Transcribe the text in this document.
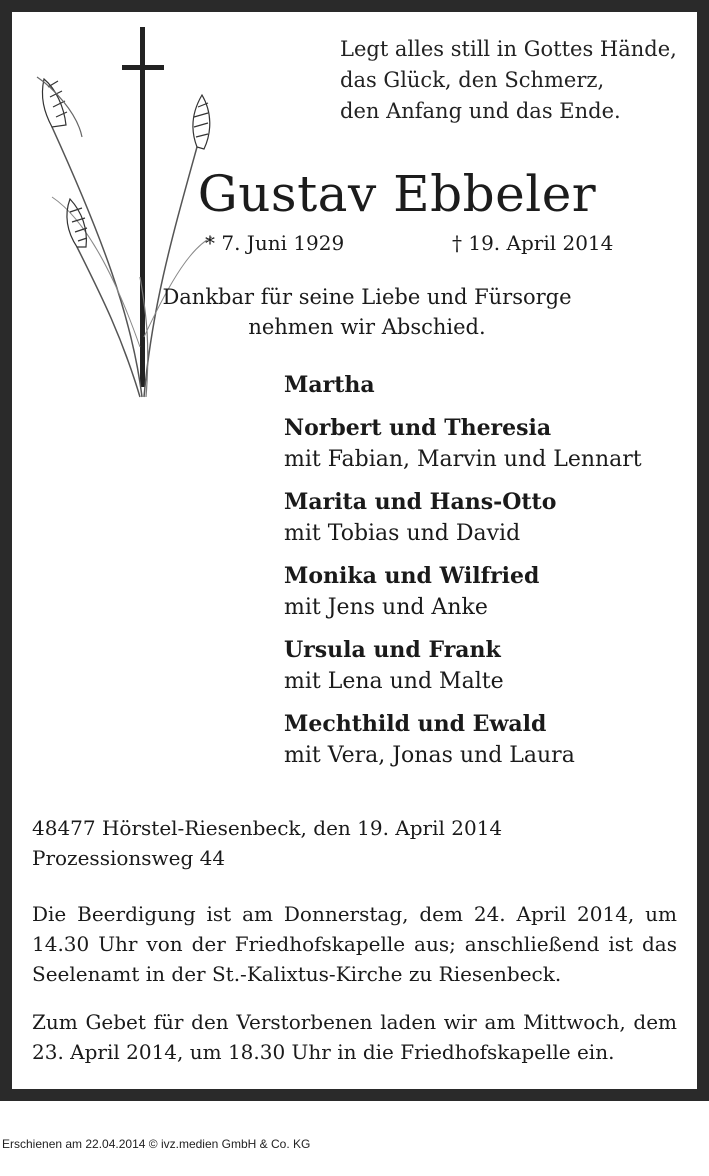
Legt alles still in Gottes Hände,
das Glück, den Schmerz,
den Anfang und das Ende.
Gustav Ebbeler
* 7. Juni 1929	† 19. April 2014
Dankbar für seine Liebe und Fürsorge
nehmen wir Abschied.
Martha
Norbert und Theresia
mit Fabian, Marvin und Lennart
Marita und Hans-Otto
mit Tobias und David
Monika und Wilfried
mit Jens und Anke
Ursula und Frank
mit Lena und Malte
Mechthild und Ewald
mit Vera, Jonas und Laura
48477 Hörstel-Riesenbeck, den 19. April 2014
Prozessionsweg 44
Die Beerdigung ist am Donnerstag, dem 24. April 2014, um 14.30 Uhr von der Friedhofskapelle aus; anschließend ist das Seelenamt in der St.-Kalixtus-Kirche zu Riesenbeck.
Zum Gebet für den Verstorbenen laden wir am Mittwoch, dem 23. April 2014, um 18.30 Uhr in die Friedhofskapelle ein.
Erschienen am 22.04.2014 © ivz.medien GmbH & Co. KG
